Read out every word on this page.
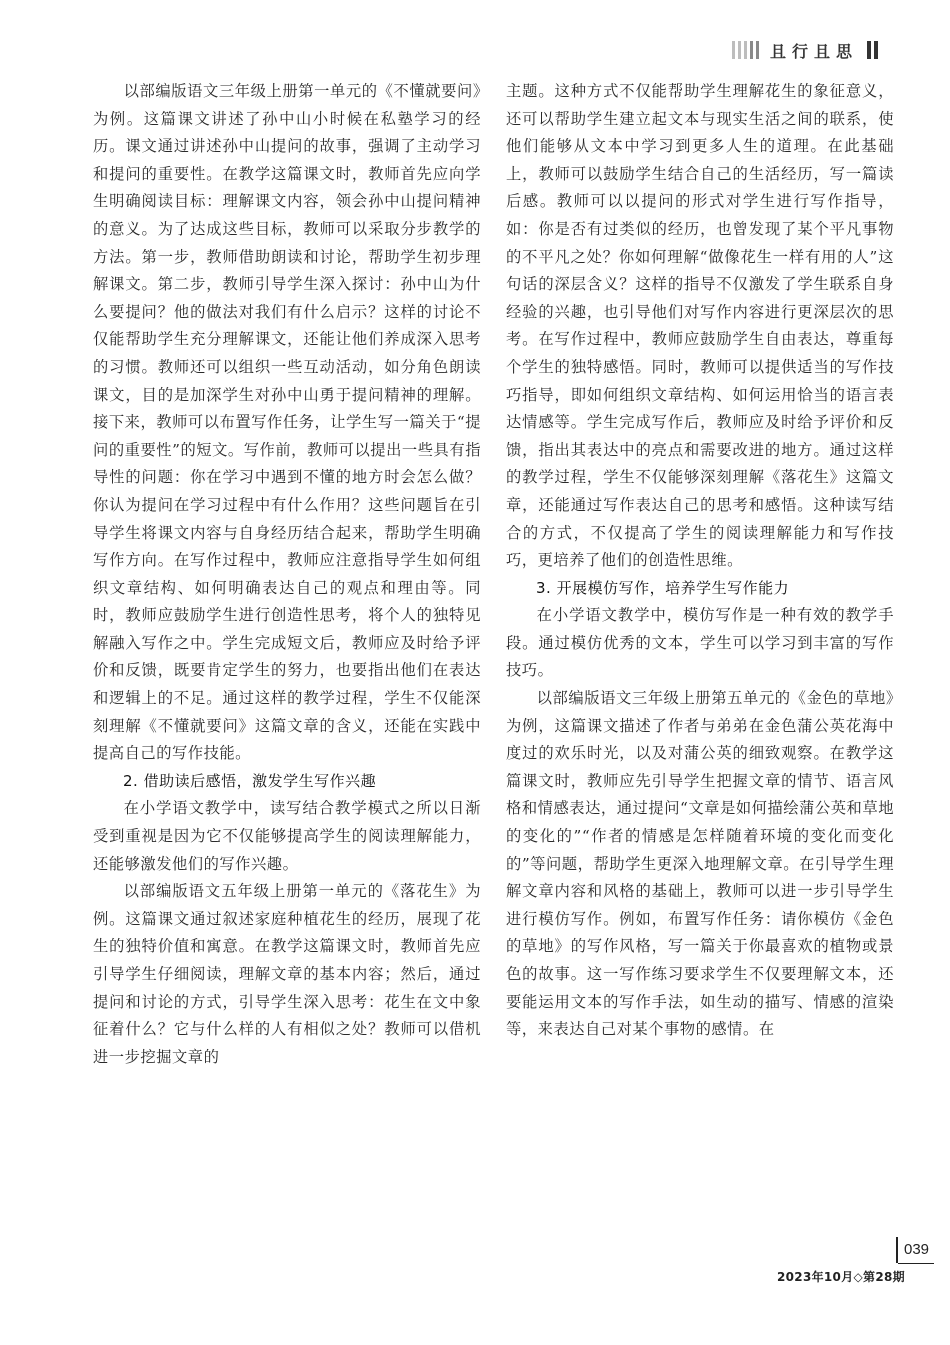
且行且思

以部编版语文三年级上册第一单元的《不懂就要问》为例。这篇课文讲述了孙中山小时候在私塾学习的经历。课文通过讲述孙中山提问的故事，强调了主动学习和提问的重要性。在教学这篇课文时，教师首先应向学生明确阅读目标：理解课文内容，领会孙中山提问精神的意义。为了达成这些目标，教师可以采取分步教学的方法。第一步，教师借助朗读和讨论，帮助学生初步理解课文。第二步，教师引导学生深入探讨：孙中山为什么要提问？他的做法对我们有什么启示？这样的讨论不仅能帮助学生充分理解课文，还能让他们养成深入思考的习惯。教师还可以组织一些互动活动，如分角色朗读课文，目的是加深学生对孙中山勇于提问精神的理解。接下来，教师可以布置写作任务，让学生写一篇关于“提问的重要性”的短文。写作前，教师可以提出一些具有指导性的问题：你在学习中遇到不懂的地方时会怎么做？你认为提问在学习过程中有什么作用？这些问题旨在引导学生将课文内容与自身经历结合起来，帮助学生明确写作方向。在写作过程中，教师应注意指导学生如何组织文章结构、如何明确表达自己的观点和理由等。同时，教师应鼓励学生进行创造性思考，将个人的独特见解融入写作之中。学生完成短文后，教师应及时给予评价和反馈，既要肯定学生的努力，也要指出他们在表达和逻辑上的不足。通过这样的教学过程，学生不仅能深刻理解《不懂就要问》这篇文章的含义，还能在实践中提高自己的写作技能。

2. 借助读后感悟，激发学生写作兴趣

在小学语文教学中，读写结合教学模式之所以日渐受到重视是因为它不仅能够提高学生的阅读理解能力，还能够激发他们的写作兴趣。

以部编版语文五年级上册第一单元的《落花生》为例。这篇课文通过叙述家庭种植花生的经历，展现了花生的独特价值和寓意。在教学这篇课文时，教师首先应引导学生仔细阅读，理解文章的基本内容；然后，通过提问和讨论的方式，引导学生深入思考：花生在文中象征着什么？它与什么样的人有相似之处？教师可以借机进一步挖掘文章的

主题。这种方式不仅能帮助学生理解花生的象征意义，还可以帮助学生建立起文本与现实生活之间的联系，使他们能够从文本中学习到更多人生的道理。在此基础上，教师可以鼓励学生结合自己的生活经历，写一篇读后感。教师可以以提问的形式对学生进行写作指导，如：你是否有过类似的经历，也曾发现了某个平凡事物的不平凡之处？你如何理解“做像花生一样有用的人”这句话的深层含义？这样的指导不仅激发了学生联系自身经验的兴趣，也引导他们对写作内容进行更深层次的思考。在写作过程中，教师应鼓励学生自由表达，尊重每个学生的独特感悟。同时，教师可以提供适当的写作技巧指导，即如何组织文章结构、如何运用恰当的语言表达情感等。学生完成写作后，教师应及时给予评价和反馈，指出其表达中的亮点和需要改进的地方。通过这样的教学过程，学生不仅能够深刻理解《落花生》这篇文章，还能通过写作表达自己的思考和感悟。这种读写结合的方式，不仅提高了学生的阅读理解能力和写作技巧，更培养了他们的创造性思维。

3. 开展模仿写作，培养学生写作能力

在小学语文教学中，模仿写作是一种有效的教学手段。通过模仿优秀的文本，学生可以学习到丰富的写作技巧。

以部编版语文三年级上册第五单元的《金色的草地》为例，这篇课文描述了作者与弟弟在金色蒲公英花海中度过的欢乐时光，以及对蒲公英的细致观察。在教学这篇课文时，教师应先引导学生把握文章的情节、语言风格和情感表达，通过提问“文章是如何描绘蒲公英和草地的变化的”“作者的情感是怎样随着环境的变化而变化的”等问题，帮助学生更深入地理解文章。在引导学生理解文章内容和风格的基础上，教师可以进一步引导学生进行模仿写作。例如，布置写作任务：请你模仿《金色的草地》的写作风格，写一篇关于你最喜欢的植物或景色的故事。这一写作练习要求学生不仅要理解文本，还要能运用文本的写作手法，如生动的描写、情感的渲染等，来表达自己对某个事物的感情。在

039
2023年10月◇第28期
